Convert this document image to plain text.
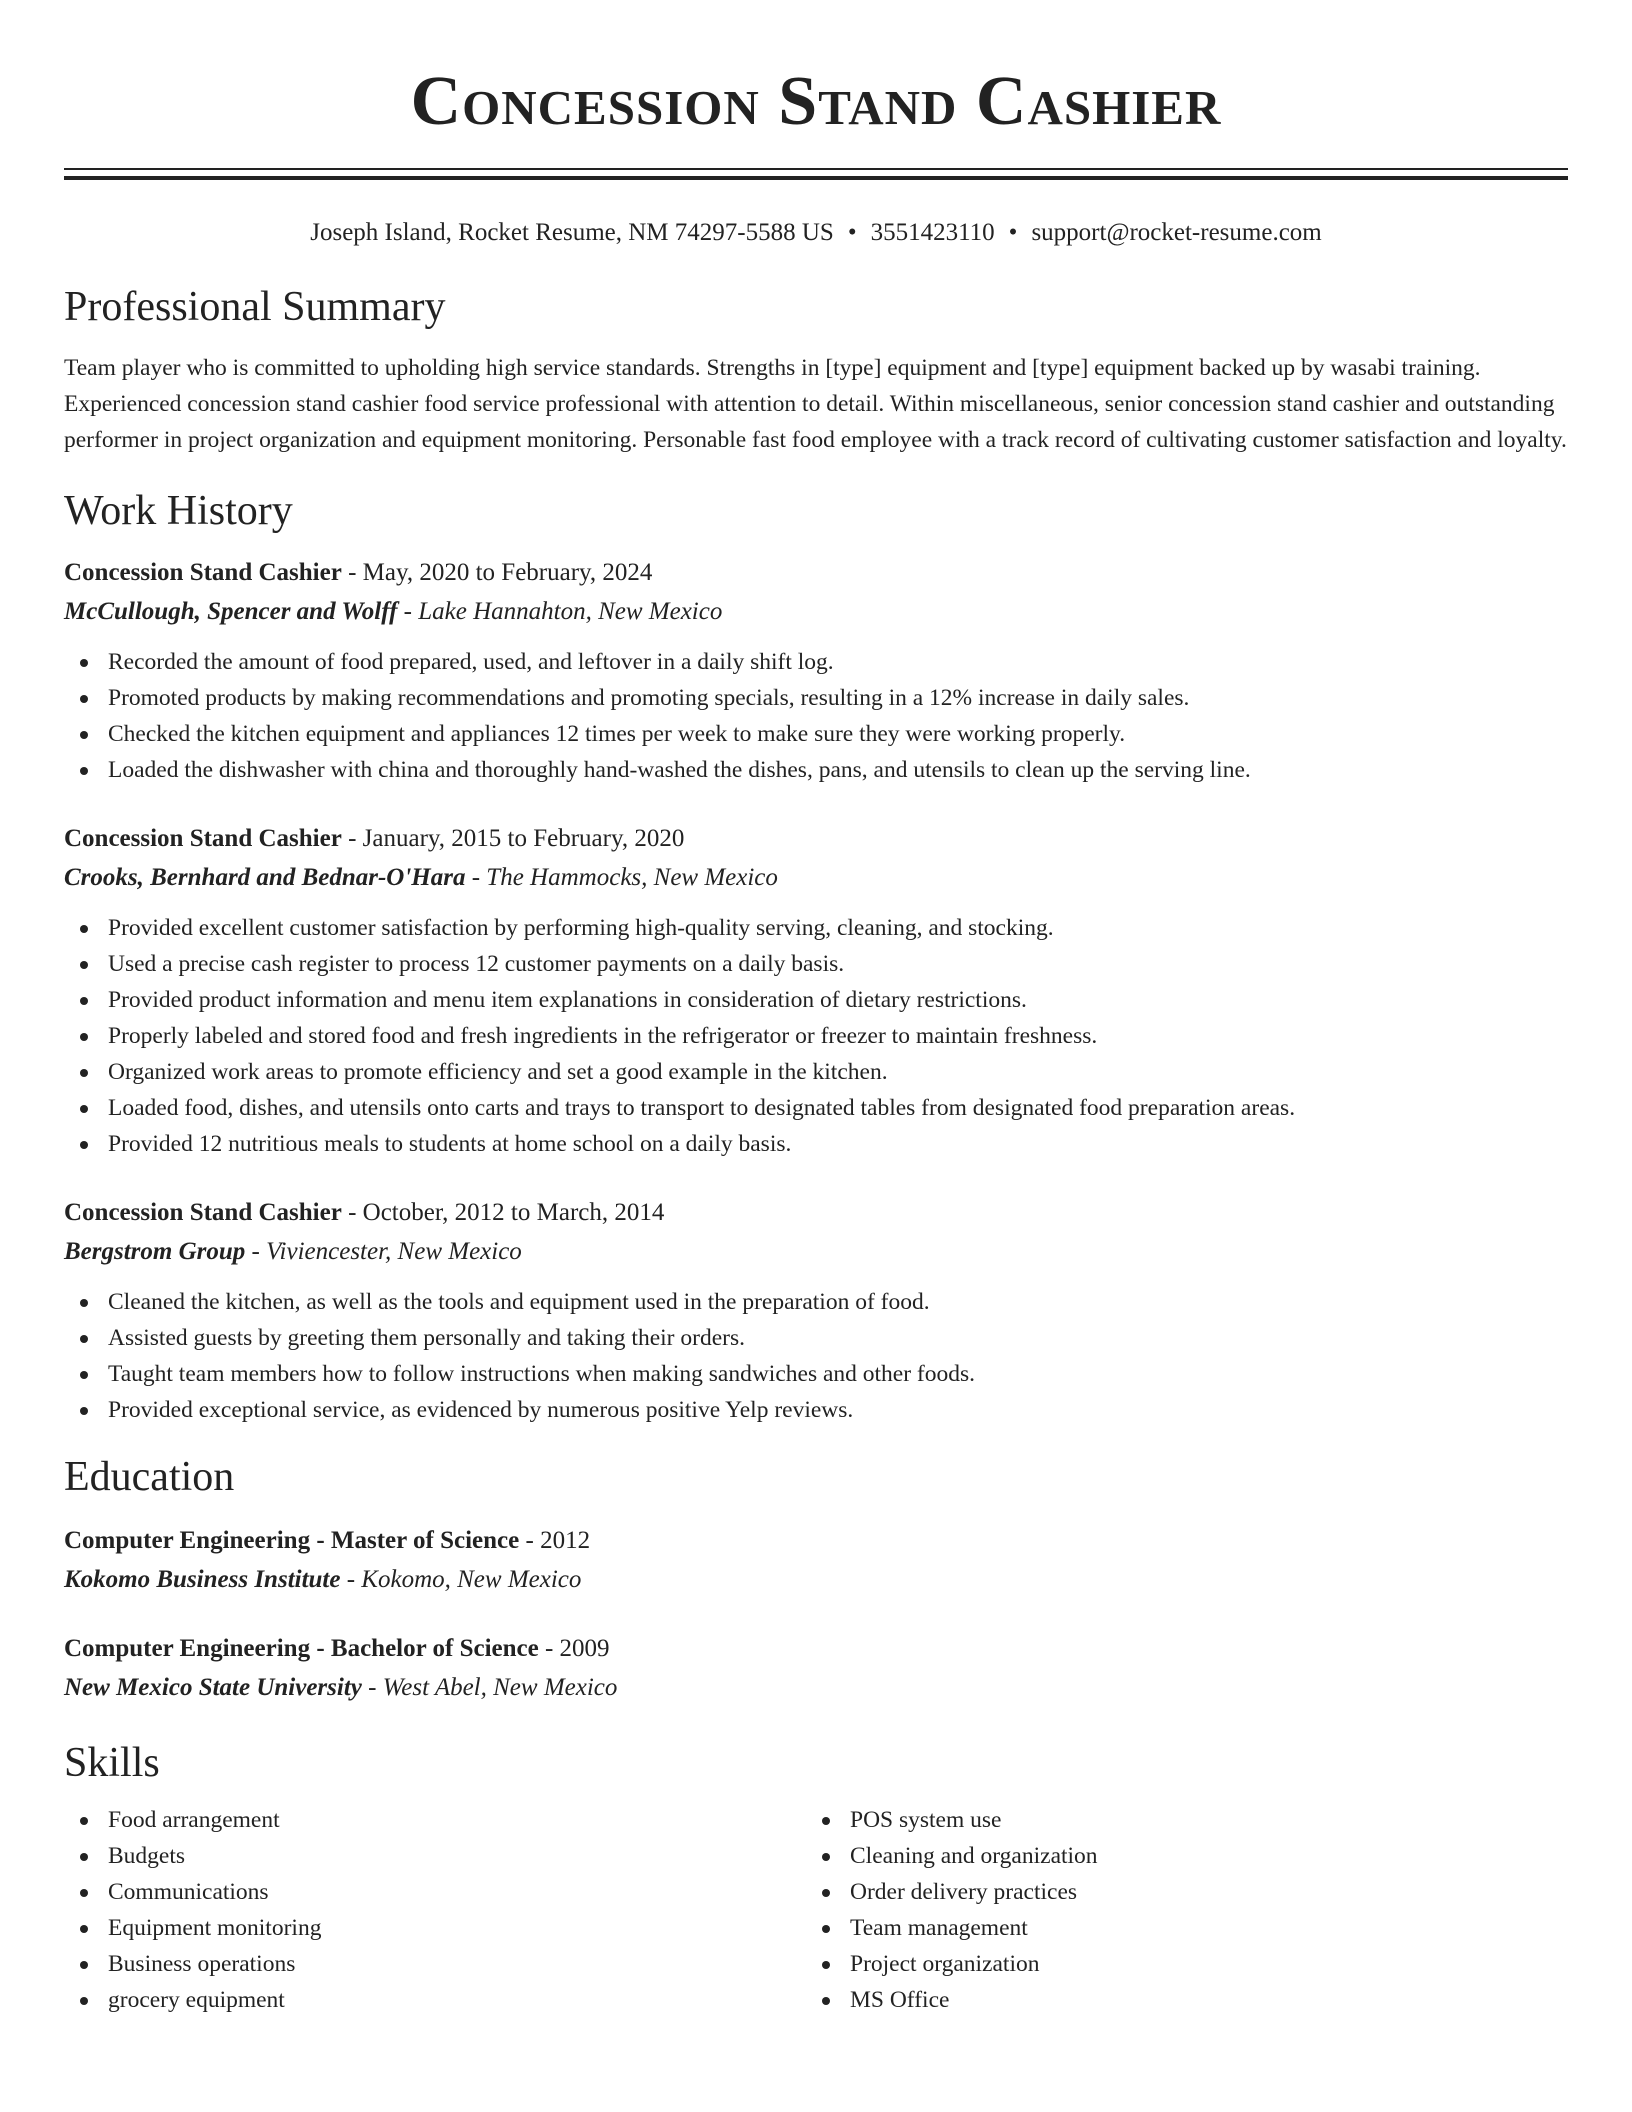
Concession Stand Cashier
Joseph Island, Rocket Resume, NM 74297-5588 US • 3551423110 • support@rocket-resume.com
Professional Summary
Team player who is committed to upholding high service standards. Strengths in [type] equipment and [type] equipment backed up by wasabi training. Experienced concession stand cashier food service professional with attention to detail. Within miscellaneous, senior concession stand cashier and outstanding performer in project organization and equipment monitoring. Personable fast food employee with a track record of cultivating customer satisfaction and loyalty.
Work History
Concession Stand Cashier - May, 2020 to February, 2024
McCullough, Spencer and Wolff - Lake Hannahton, New Mexico
Recorded the amount of food prepared, used, and leftover in a daily shift log.
Promoted products by making recommendations and promoting specials, resulting in a 12% increase in daily sales.
Checked the kitchen equipment and appliances 12 times per week to make sure they were working properly.
Loaded the dishwasher with china and thoroughly hand-washed the dishes, pans, and utensils to clean up the serving line.
Concession Stand Cashier - January, 2015 to February, 2020
Crooks, Bernhard and Bednar-O'Hara - The Hammocks, New Mexico
Provided excellent customer satisfaction by performing high-quality serving, cleaning, and stocking.
Used a precise cash register to process 12 customer payments on a daily basis.
Provided product information and menu item explanations in consideration of dietary restrictions.
Properly labeled and stored food and fresh ingredients in the refrigerator or freezer to maintain freshness.
Organized work areas to promote efficiency and set a good example in the kitchen.
Loaded food, dishes, and utensils onto carts and trays to transport to designated tables from designated food preparation areas.
Provided 12 nutritious meals to students at home school on a daily basis.
Concession Stand Cashier - October, 2012 to March, 2014
Bergstrom Group - Viviencester, New Mexico
Cleaned the kitchen, as well as the tools and equipment used in the preparation of food.
Assisted guests by greeting them personally and taking their orders.
Taught team members how to follow instructions when making sandwiches and other foods.
Provided exceptional service, as evidenced by numerous positive Yelp reviews.
Education
Computer Engineering - Master of Science - 2012
Kokomo Business Institute - Kokomo, New Mexico
Computer Engineering - Bachelor of Science - 2009
New Mexico State University - West Abel, New Mexico
Skills
Food arrangement
Budgets
Communications
Equipment monitoring
Business operations
grocery equipment
POS system use
Cleaning and organization
Order delivery practices
Team management
Project organization
MS Office
